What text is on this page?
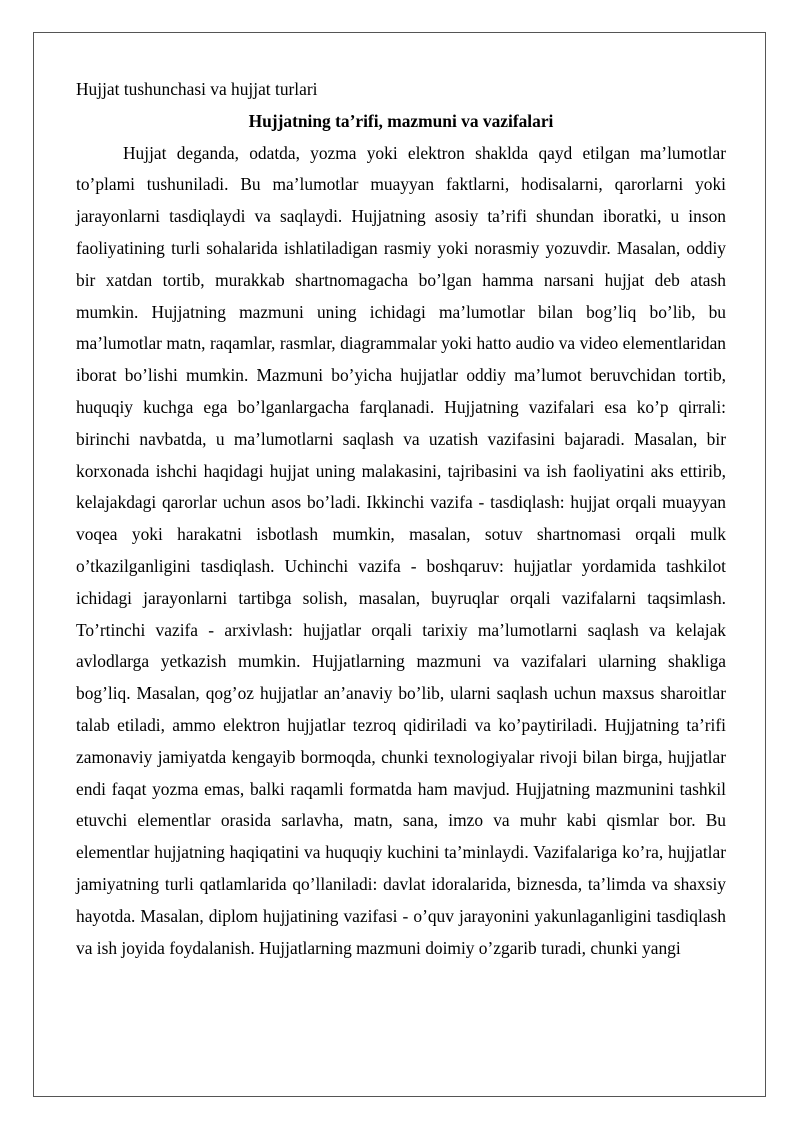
Hujjat tushunchasi va hujjat turlari

Hujjatning ta’rifi, mazmuni va vazifalari

Hujjat deganda, odatda, yozma yoki elektron shaklda qayd etilgan ma’lumotlar to’plami tushuniladi. Bu ma’lumotlar muayyan faktlarni, hodisalarni, qarorlarni yoki jarayonlarni tasdiqlaydi va saqlaydi. Hujjatning asosiy ta’rifi shundan iboratki, u inson faoliyatining turli sohalarida ishlatiladigan rasmiy yoki norasmiy yozuvdir. Masalan, oddiy bir xatdan tortib, murakkab shartnomagacha bo’lgan hamma narsani hujjat deb atash mumkin. Hujjatning mazmuni uning ichidagi ma’lumotlar bilan bog’liq bo’lib, bu ma’lumotlar matn, raqamlar, rasmlar, diagrammalar yoki hatto audio va video elementlaridan iborat bo’lishi mumkin. Mazmuni bo’yicha hujjatlar oddiy ma’lumot beruvchidan tortib, huquqiy kuchga ega bo’lganlargacha farqlanadi. Hujjatning vazifalari esa ko’p qirrali: birinchi navbatda, u ma’lumotlarni saqlash va uzatish vazifasini bajaradi. Masalan, bir korxonada ishchi haqidagi hujjat uning malakasini, tajribasini va ish faoliyatini aks ettirib, kelajakdagi qarorlar uchun asos bo’ladi. Ikkinchi vazifa - tasdiqlash: hujjat orqali muayyan voqea yoki harakatni isbotlash mumkin, masalan, sotuv shartnomasi orqali mulk o’tkazilganligini tasdiqlash. Uchinchi vazifa - boshqaruv: hujjatlar yordamida tashkilot ichidagi jarayonlarni tartibga solish, masalan, buyruqlar orqali vazifalarni taqsimlash. To’rtinchi vazifa - arxivlash: hujjatlar orqali tarixiy ma’lumotlarni saqlash va kelajak avlodlarga yetkazish mumkin. Hujjatlarning mazmuni va vazifalari ularning shakliga bog’liq. Masalan, qog’oz hujjatlar an’anaviy bo’lib, ularni saqlash uchun maxsus sharoitlar talab etiladi, ammo elektron hujjatlar tezroq qidiriladi va ko’paytiriladi. Hujjatning ta’rifi zamonaviy jamiyatda kengayib bormoqda, chunki texnologiyalar rivoji bilan birga, hujjatlar endi faqat yozma emas, balki raqamli formatda ham mavjud. Hujjatning mazmunini tashkil etuvchi elementlar orasida sarlavha, matn, sana, imzo va muhr kabi qismlar bor. Bu elementlar hujjatning haqiqatini va huquqiy kuchini ta’minlaydi. Vazifalariga ko’ra, hujjatlar jamiyatning turli qatlamlarida qo’llaniladi: davlat idoralarida, biznesda, ta’limda va shaxsiy hayotda. Masalan, diplom hujjatining vazifasi - o’quv jarayonini yakunlaganligini tasdiqlash va ish joyida foydalanish. Hujjatlarning mazmuni doimiy o’zgarib turadi, chunki yangi
